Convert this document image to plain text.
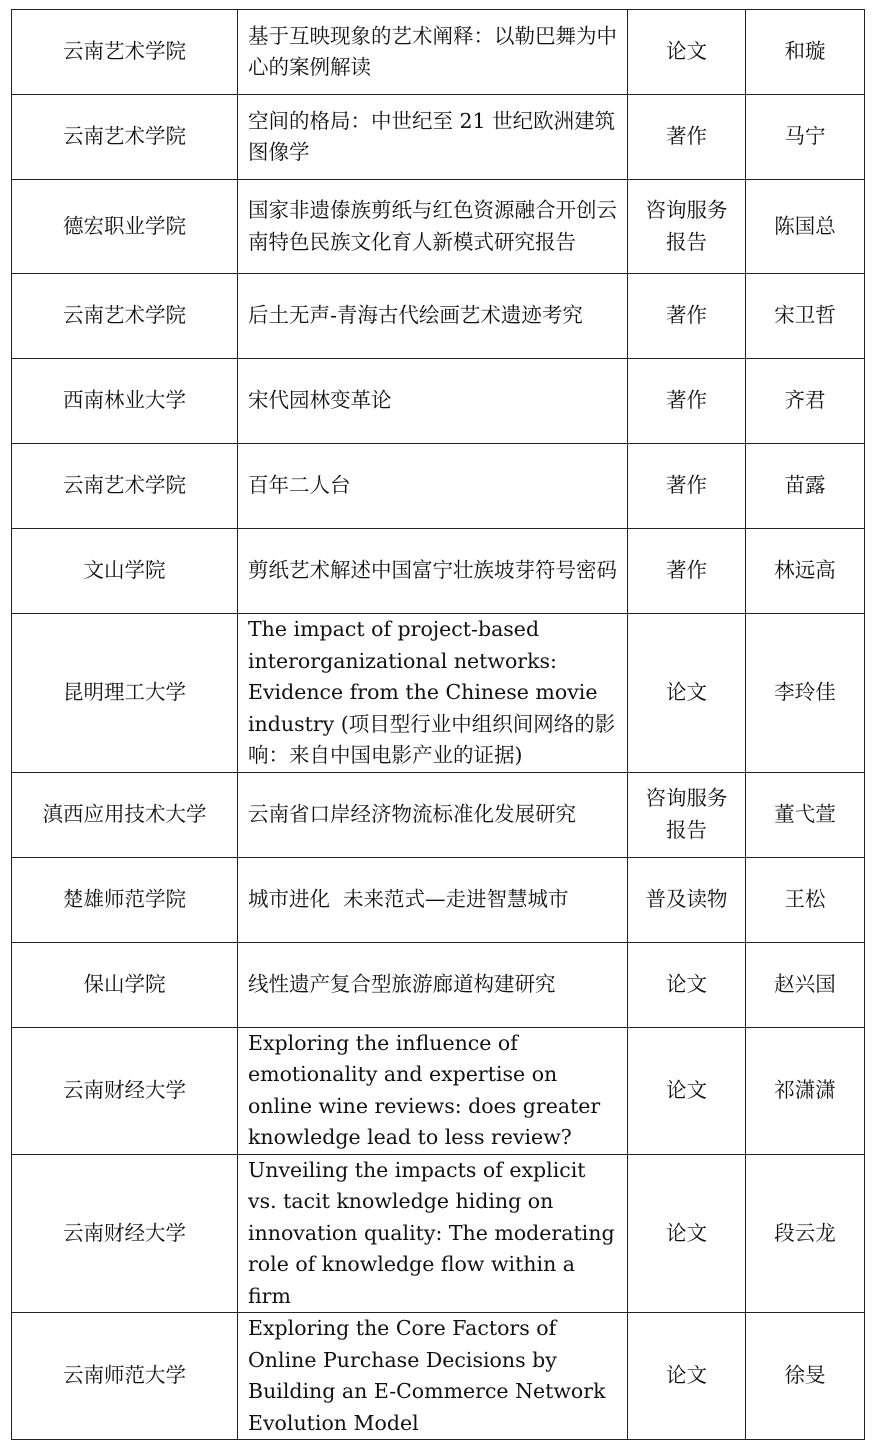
云南艺术学院	基于互映现象的艺术阐释：以勒巴舞为中心的案例解读	论文	和璇
云南艺术学院	空间的格局：中世纪至 21 世纪欧洲建筑图像学	著作	马宁
德宏职业学院	国家非遗傣族剪纸与红色资源融合开创云南特色民族文化育人新模式研究报告	咨询服务报告	陈国总
云南艺术学院	后土无声-青海古代绘画艺术遗迹考究	著作	宋卫哲
西南林业大学	宋代园林变革论	著作	齐君
云南艺术学院	百年二人台	著作	苗露
文山学院	剪纸艺术解述中国富宁壮族坡芽符号密码	著作	林远高
昆明理工大学	The impact of project-based interorganizational networks: Evidence from the Chinese movie industry (项目型行业中组织间网络的影响：来自中国电影产业的证据)	论文	李玲佳
滇西应用技术大学	云南省口岸经济物流标准化发展研究	咨询服务报告	董弋萱
楚雄师范学院	城市进化  未来范式—走进智慧城市	普及读物	王松
保山学院	线性遗产复合型旅游廊道构建研究	论文	赵兴国
云南财经大学	Exploring the influence of emotionality and expertise on online wine reviews: does greater knowledge lead to less review?	论文	祁潇潇
云南财经大学	Unveiling the impacts of explicit vs. tacit knowledge hiding on innovation quality: The moderating role of knowledge flow within a firm	论文	段云龙
云南师范大学	Exploring the Core Factors of Online Purchase Decisions by Building an E-Commerce Network Evolution Model	论文	徐旻
